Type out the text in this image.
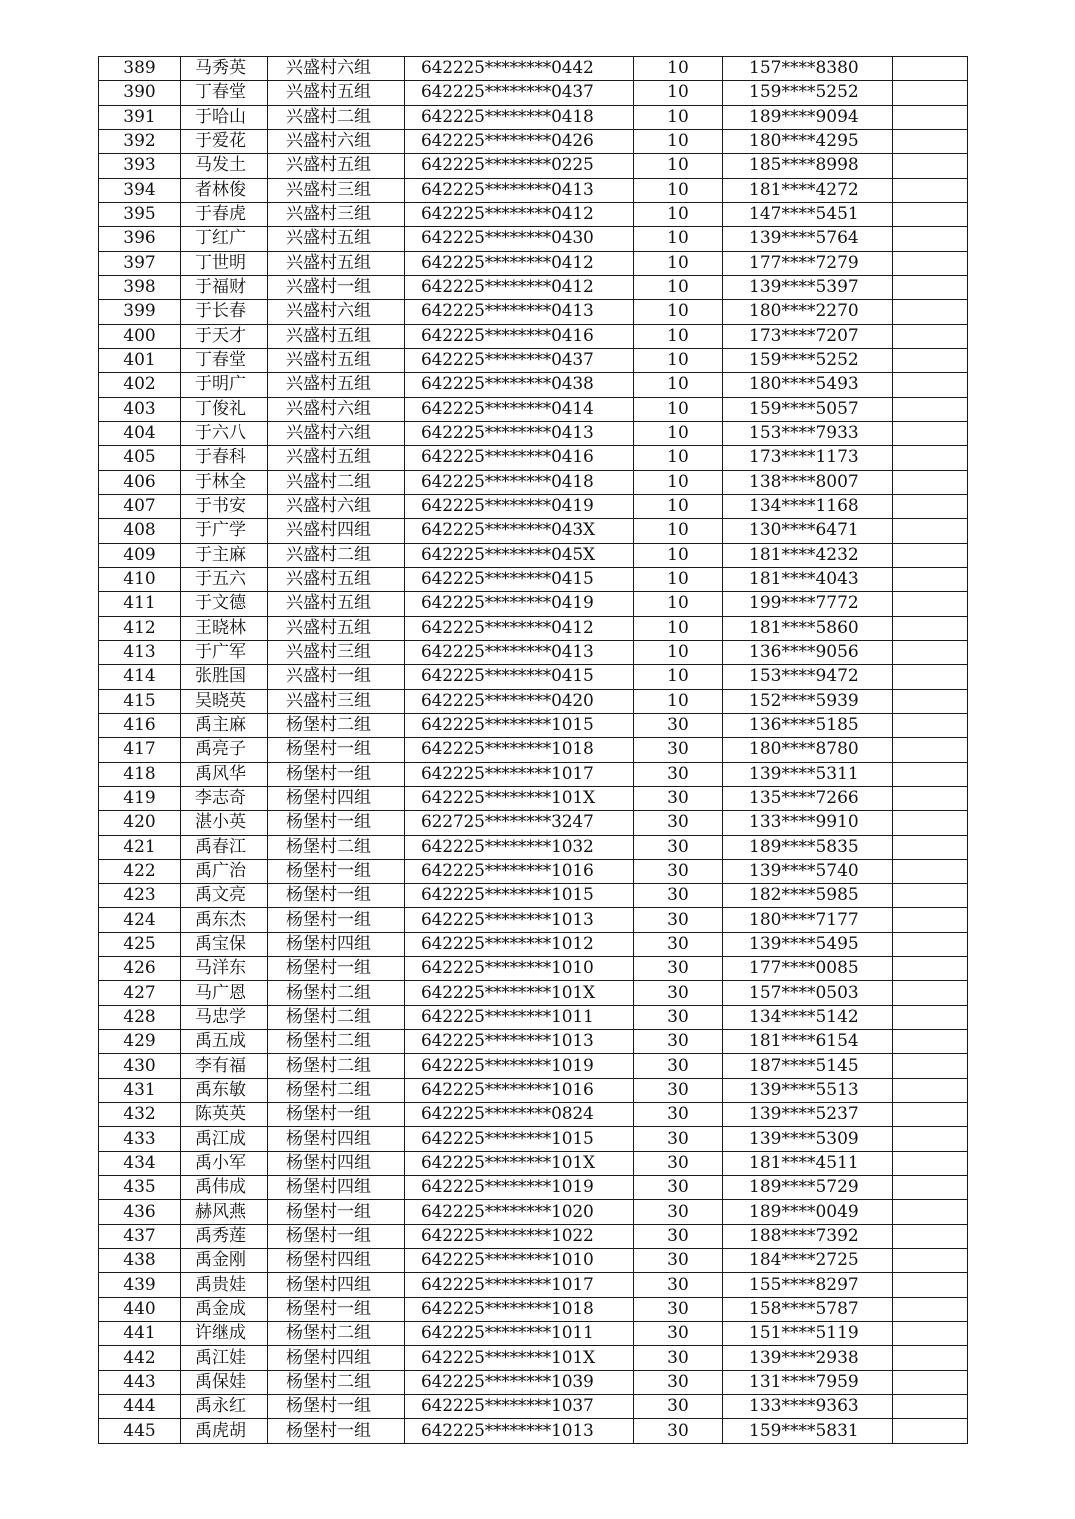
389	马秀英	兴盛村六组	642225********0442	10	157****8380	
390	丁春堂	兴盛村五组	642225********0437	10	159****5252	
391	于哈山	兴盛村二组	642225********0418	10	189****9094	
392	于爱花	兴盛村六组	642225********0426	10	180****4295	
393	马发土	兴盛村五组	642225********0225	10	185****8998	
394	者林俊	兴盛村三组	642225********0413	10	181****4272	
395	于春虎	兴盛村三组	642225********0412	10	147****5451	
396	丁红广	兴盛村五组	642225********0430	10	139****5764	
397	丁世明	兴盛村五组	642225********0412	10	177****7279	
398	于福财	兴盛村一组	642225********0412	10	139****5397	
399	于长春	兴盛村六组	642225********0413	10	180****2270	
400	于天才	兴盛村五组	642225********0416	10	173****7207	
401	丁春堂	兴盛村五组	642225********0437	10	159****5252	
402	于明广	兴盛村五组	642225********0438	10	180****5493	
403	丁俊礼	兴盛村六组	642225********0414	10	159****5057	
404	于六八	兴盛村六组	642225********0413	10	153****7933	
405	于春科	兴盛村五组	642225********0416	10	173****1173	
406	于林全	兴盛村二组	642225********0418	10	138****8007	
407	于书安	兴盛村六组	642225********0419	10	134****1168	
408	于广学	兴盛村四组	642225********043X	10	130****6471	
409	于主麻	兴盛村二组	642225********045X	10	181****4232	
410	于五六	兴盛村五组	642225********0415	10	181****4043	
411	于文德	兴盛村五组	642225********0419	10	199****7772	
412	王晓林	兴盛村五组	642225********0412	10	181****5860	
413	于广军	兴盛村三组	642225********0413	10	136****9056	
414	张胜国	兴盛村一组	642225********0415	10	153****9472	
415	吴晓英	兴盛村三组	642225********0420	10	152****5939	
416	禹主麻	杨堡村二组	642225********1015	30	136****5185	
417	禹亮子	杨堡村一组	642225********1018	30	180****8780	
418	禹风华	杨堡村一组	642225********1017	30	139****5311	
419	李志奇	杨堡村四组	642225********101X	30	135****7266	
420	湛小英	杨堡村一组	622725********3247	30	133****9910	
421	禹春江	杨堡村二组	642225********1032	30	189****5835	
422	禹广治	杨堡村一组	642225********1016	30	139****5740	
423	禹文亮	杨堡村一组	642225********1015	30	182****5985	
424	禹东杰	杨堡村一组	642225********1013	30	180****7177	
425	禹宝保	杨堡村四组	642225********1012	30	139****5495	
426	马洋东	杨堡村一组	642225********1010	30	177****0085	
427	马广恩	杨堡村二组	642225********101X	30	157****0503	
428	马忠学	杨堡村二组	642225********1011	30	134****5142	
429	禹五成	杨堡村二组	642225********1013	30	181****6154	
430	李有福	杨堡村二组	642225********1019	30	187****5145	
431	禹东敏	杨堡村二组	642225********1016	30	139****5513	
432	陈英英	杨堡村一组	642225********0824	30	139****5237	
433	禹江成	杨堡村四组	642225********1015	30	139****5309	
434	禹小军	杨堡村四组	642225********101X	30	181****4511	
435	禹伟成	杨堡村四组	642225********1019	30	189****5729	
436	赫风燕	杨堡村一组	642225********1020	30	189****0049	
437	禹秀莲	杨堡村一组	642225********1022	30	188****7392	
438	禹金刚	杨堡村四组	642225********1010	30	184****2725	
439	禹贵娃	杨堡村四组	642225********1017	30	155****8297	
440	禹金成	杨堡村一组	642225********1018	30	158****5787	
441	许继成	杨堡村二组	642225********1011	30	151****5119	
442	禹江娃	杨堡村四组	642225********101X	30	139****2938	
443	禹保娃	杨堡村二组	642225********1039	30	131****7959	
444	禹永红	杨堡村一组	642225********1037	30	133****9363	
445	禹虎胡	杨堡村一组	642225********1013	30	159****5831	
